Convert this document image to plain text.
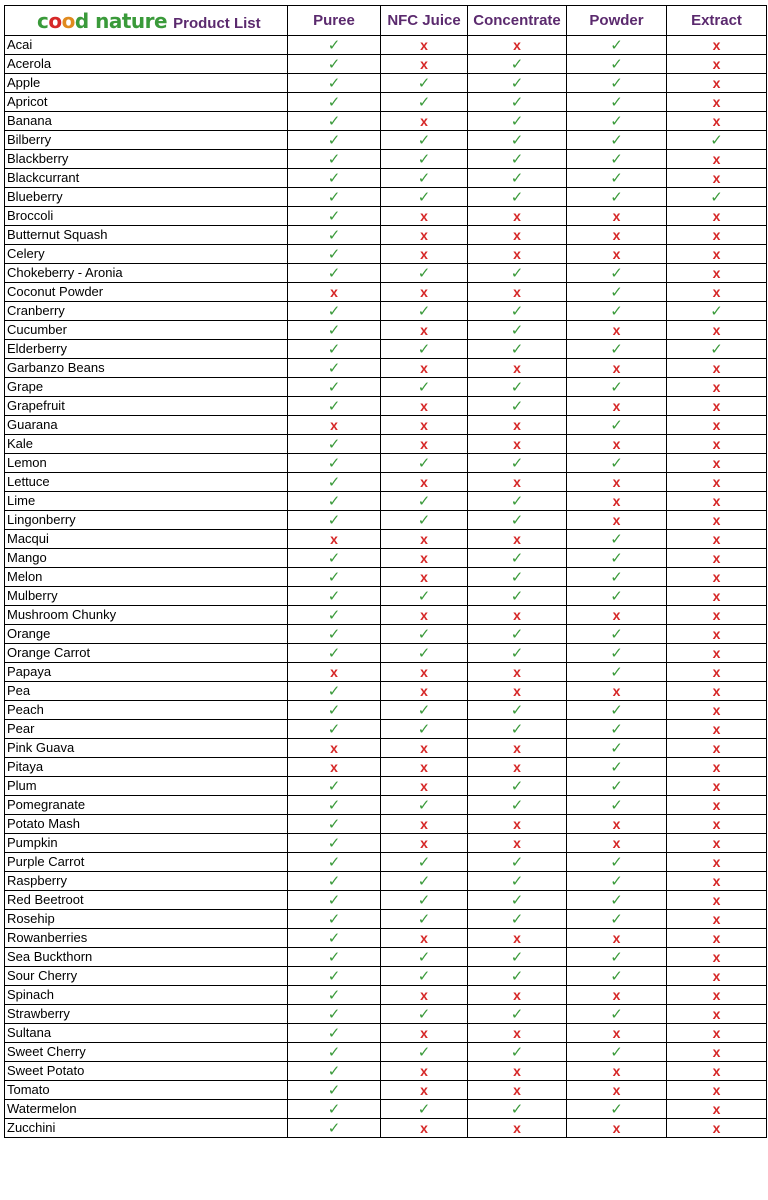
cood nature Product List	Puree	NFC Juice	Concentrate	Powder	Extract
Acai	✓	x	x	✓	x
Acerola	✓	x	✓	✓	x
Apple	✓	✓	✓	✓	x
Apricot	✓	✓	✓	✓	x
Banana	✓	x	✓	✓	x
Bilberry	✓	✓	✓	✓	✓
Blackberry	✓	✓	✓	✓	x
Blackcurrant	✓	✓	✓	✓	x
Blueberry	✓	✓	✓	✓	✓
Broccoli	✓	x	x	x	x
Butternut Squash	✓	x	x	x	x
Celery	✓	x	x	x	x
Chokeberry - Aronia	✓	✓	✓	✓	x
Coconut Powder	x	x	x	✓	x
Cranberry	✓	✓	✓	✓	✓
Cucumber	✓	x	✓	x	x
Elderberry	✓	✓	✓	✓	✓
Garbanzo Beans	✓	x	x	x	x
Grape	✓	✓	✓	✓	x
Grapefruit	✓	x	✓	x	x
Guarana	x	x	x	✓	x
Kale	✓	x	x	x	x
Lemon	✓	✓	✓	✓	x
Lettuce	✓	x	x	x	x
Lime	✓	✓	✓	x	x
Lingonberry	✓	✓	✓	x	x
Macqui	x	x	x	✓	x
Mango	✓	x	✓	✓	x
Melon	✓	x	✓	✓	x
Mulberry	✓	✓	✓	✓	x
Mushroom Chunky	✓	x	x	x	x
Orange	✓	✓	✓	✓	x
Orange Carrot	✓	✓	✓	✓	x
Papaya	x	x	x	✓	x
Pea	✓	x	x	x	x
Peach	✓	✓	✓	✓	x
Pear	✓	✓	✓	✓	x
Pink Guava	x	x	x	✓	x
Pitaya	x	x	x	✓	x
Plum	✓	x	✓	✓	x
Pomegranate	✓	✓	✓	✓	x
Potato Mash	✓	x	x	x	x
Pumpkin	✓	x	x	x	x
Purple Carrot	✓	✓	✓	✓	x
Raspberry	✓	✓	✓	✓	x
Red Beetroot	✓	✓	✓	✓	x
Rosehip	✓	✓	✓	✓	x
Rowanberries	✓	x	x	x	x
Sea Buckthorn	✓	✓	✓	✓	x
Sour Cherry	✓	✓	✓	✓	x
Spinach	✓	x	x	x	x
Strawberry	✓	✓	✓	✓	x
Sultana	✓	x	x	x	x
Sweet Cherry	✓	✓	✓	✓	x
Sweet Potato	✓	x	x	x	x
Tomato	✓	x	x	x	x
Watermelon	✓	✓	✓	✓	x
Zucchini	✓	x	x	x	x
